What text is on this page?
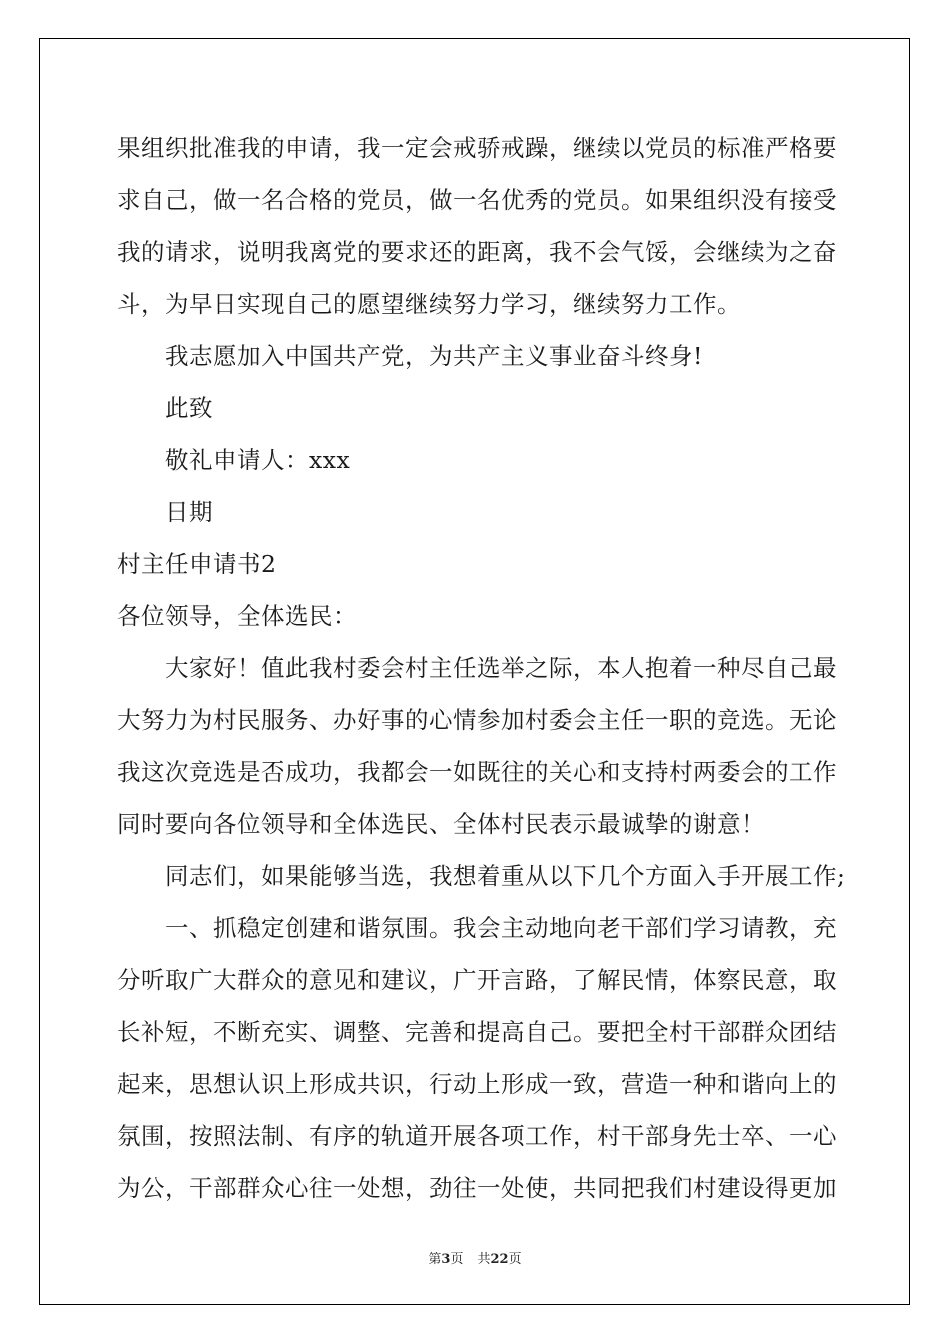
果组织批准我的申请，我一定会戒骄戒躁，继续以党员的标准严格要
求自己，做一名合格的党员，做一名优秀的党员。如果组织没有接受
我的请求，说明我离党的要求还的距离，我不会气馁，会继续为之奋
斗，为早日实现自己的愿望继续努力学习，继续努力工作。
我志愿加入中国共产党，为共产主义事业奋斗终身!
此致
敬礼申请人：xxx
日期
村主任申请书2
各位领导，全体选民：
大家好！值此我村委会村主任选举之际，本人抱着一种尽自己最
大努力为村民服务、办好事的心情参加村委会主任一职的竞选。无论
我这次竞选是否成功，我都会一如既往的关心和支持村两委会的工作
同时要向各位领导和全体选民、全体村民表示最诚挚的谢意！
同志们，如果能够当选，我想着重从以下几个方面入手开展工作;
一、抓稳定创建和谐氛围。我会主动地向老干部们学习请教，充
分听取广大群众的意见和建议，广开言路，了解民情，体察民意，取
长补短，不断充实、调整、完善和提高自己。要把全村干部群众团结
起来，思想认识上形成共识，行动上形成一致，营造一种和谐向上的
氛围，按照法制、有序的轨道开展各项工作，村干部身先士卒、一心
为公，干部群众心往一处想，劲往一处使，共同把我们村建设得更加
第3页 共22页
